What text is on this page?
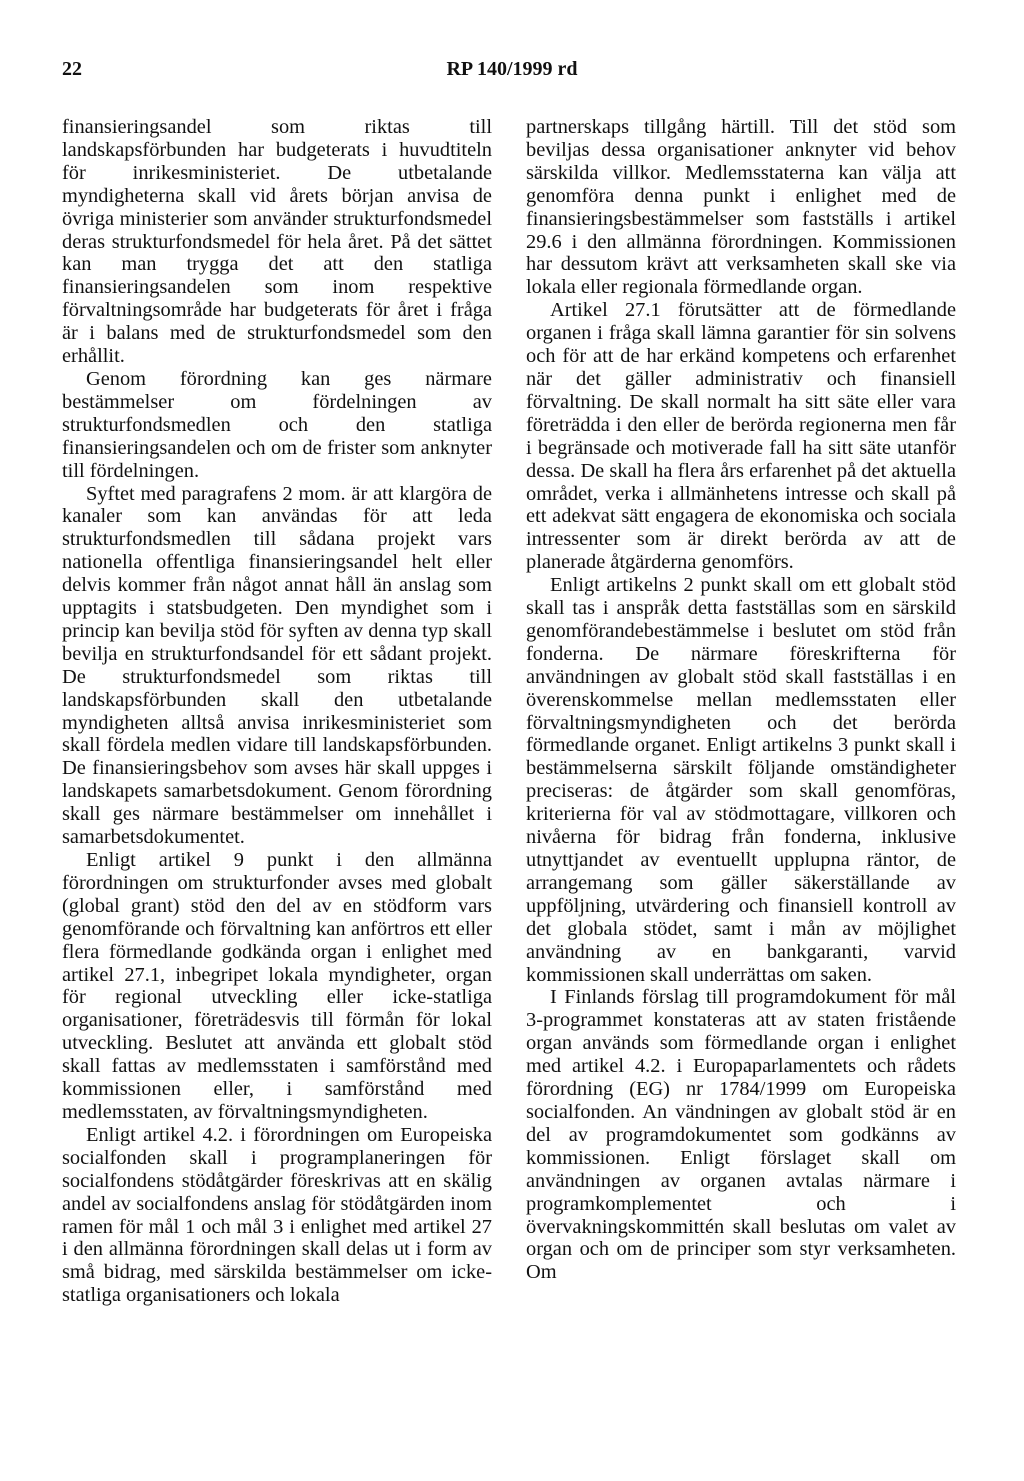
22	RP 140/1999 rd

finansieringsandel som riktas till landskapsförbunden har budgeterats i huvudtiteln för inrikesministeriet. De utbetalande myndigheterna skall vid årets början anvisa de övriga ministerier som använder strukturfondsmedel deras strukturfondsmedel för hela året. På det sättet kan man trygga det att den statliga finansieringsandelen som inom respektive förvaltningsområde har budgeterats för året i fråga är i balans med de strukturfondsmedel som den erhållit.

Genom förordning kan ges närmare bestämmelser om fördelningen av strukturfondsmedlen och den statliga finansieringsandelen och om de frister som anknyter till fördelningen.

Syftet med paragrafens 2 mom. är att klargöra de kanaler som kan användas för att leda strukturfondsmedlen till sådana projekt vars nationella offentliga finansieringsandel helt eller delvis kommer från något annat håll än anslag som upptagits i statsbudgeten. Den myndighet som i princip kan bevilja stöd för syften av denna typ skall bevilja en strukturfondsandel för ett sådant projekt. De strukturfondsmedel som riktas till landskapsförbunden skall den utbetalande myndigheten alltså anvisa inrikesministeriet som skall fördela medlen vidare till landskapsförbunden. De finansieringsbehov som avses här skall uppges i landskapets samarbetsdokument. Genom förordning skall ges närmare bestämmelser om innehållet i samarbetsdokumentet.

Enligt artikel 9 punkt i den allmänna förordningen om strukturfonder avses med globalt (global grant) stöd den del av en stödform vars genomförande och förvaltning kan anförtros ett eller flera förmedlande godkända organ i enlighet med artikel 27.1, inbegripet lokala myndigheter, organ för regional utveckling eller icke-statliga organisationer, företrädesvis till förmån för lokal utveckling. Beslutet att använda ett globalt stöd skall fattas av medlemsstaten i samförstånd med kommissionen eller, i samförstånd med medlemsstaten, av förvaltningsmyndigheten.

Enligt artikel 4.2. i förordningen om Europeiska socialfonden skall i programplaneringen för socialfondens stödåtgärder föreskrivas att en skälig andel av socialfondens anslag för stödåtgärden inom ramen för mål 1 och mål 3 i enlighet med artikel 27 i den allmänna förordningen skall delas ut i form av små bidrag, med särskilda bestämmelser om icke-statliga organisationers och lokala

partnerskaps tillgång härtill. Till det stöd som beviljas dessa organisationer anknyter vid behov särskilda villkor. Medlemsstaterna kan välja att genomföra denna punkt i enlighet med de finansieringsbestämmelser som fastställs i artikel 29.6 i den allmänna förordningen. Kommissionen har dessutom krävt att verksamheten skall ske via lokala eller regionala förmedlande organ.

Artikel 27.1 förutsätter att de förmedlande organen i fråga skall lämna garantier för sin solvens och för att de har erkänd kompetens och erfarenhet när det gäller administrativ och finansiell förvaltning. De skall normalt ha sitt säte eller vara företrädda i den eller de berörda regionerna men får i begränsade och motiverade fall ha sitt säte utanför dessa. De skall ha flera års erfarenhet på det aktuella området, verka i allmänhetens intresse och skall på ett adekvat sätt engagera de ekonomiska och sociala intressenter som är direkt berörda av att de planerade åtgärderna genomförs.

Enligt artikelns 2 punkt skall om ett globalt stöd skall tas i anspråk detta fastställas som en särskild genomförandebestämmelse i beslutet om stöd från fonderna. De närmare föreskrifterna för användningen av globalt stöd skall fastställas i en överenskommelse mellan medlemsstaten eller förvaltningsmyndigheten och det berörda förmedlande organet. Enligt artikelns 3 punkt skall i bestämmelserna särskilt följande omständigheter preciseras: de åtgärder som skall genomföras, kriterierna för val av stödmottagare, villkoren och nivåerna för bidrag från fonderna, inklusive utnyttjandet av eventuellt upplupna räntor, de arrangemang som gäller säkerställande av uppföljning, utvärdering och finansiell kontroll av det globala stödet, samt i mån av möjlighet användning av en bankgaranti, varvid kommissionen skall underrättas om saken.

I Finlands förslag till programdokument för mål 3-programmet konstateras att av staten fristående organ används som förmedlande organ i enlighet med artikel 4.2. i Europaparlamentets och rådets förordning (EG) nr 1784/1999 om Europeiska socialfonden. An vändningen av globalt stöd är en del av programdokumentet som godkänns av kommissionen. Enligt förslaget skall om användningen av organen avtalas närmare i programkomplementet och i övervakningskommittén skall beslutas om valet av organ och om de principer som styr verksamheten. Om
